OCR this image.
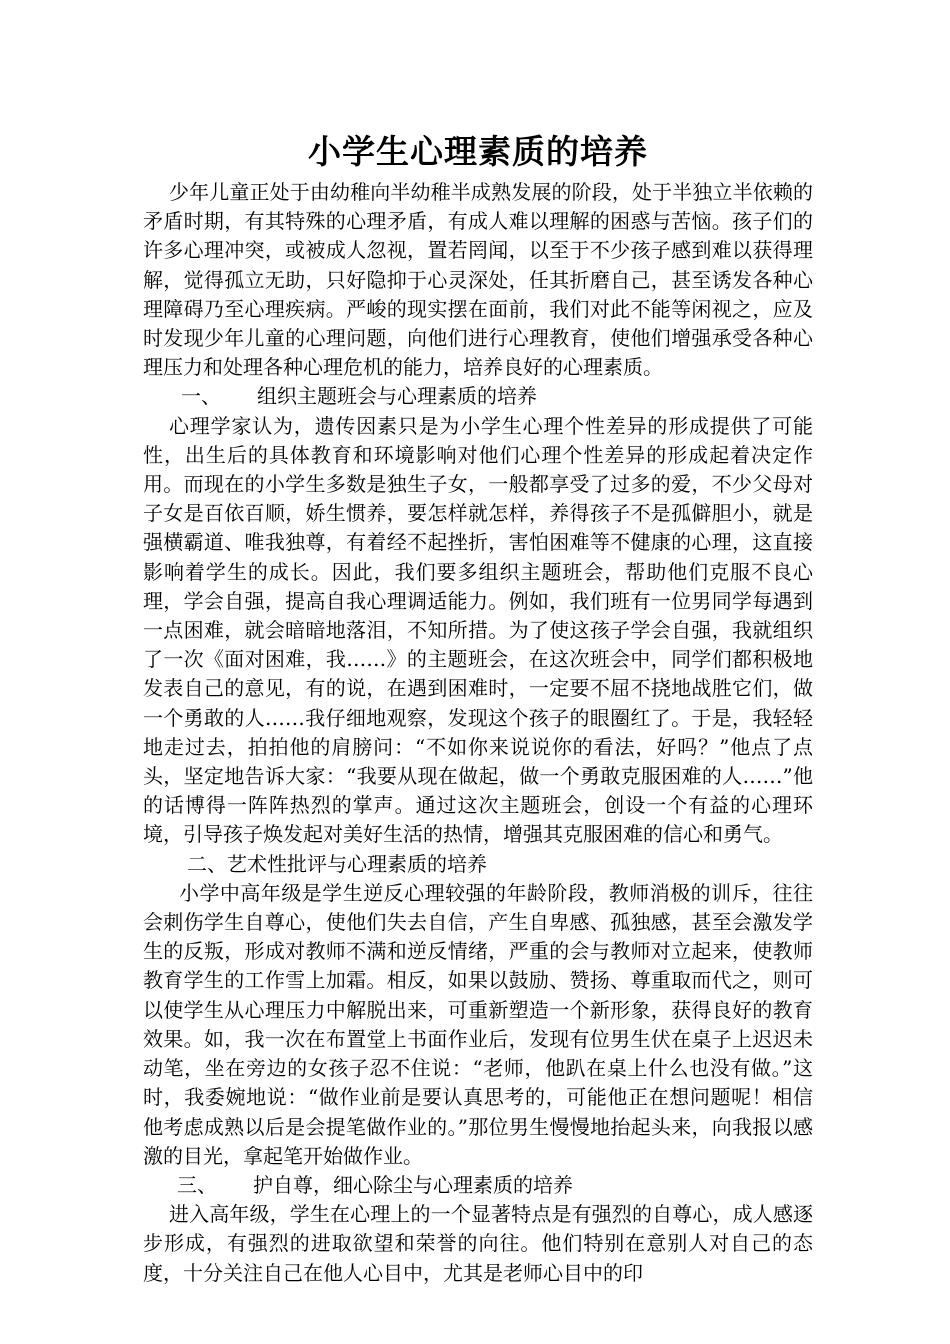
小学生心理素质的培养

少年儿童正处于由幼稚向半幼稚半成熟发展的阶段，处于半独立半依赖的矛盾时期，有其特殊的心理矛盾，有成人难以理解的困惑与苦恼。孩子们的许多心理冲突，或被成人忽视，置若罔闻，以至于不少孩子感到难以获得理解，觉得孤立无助，只好隐抑于心灵深处，任其折磨自己，甚至诱发各种心理障碍乃至心理疾病。严峻的现实摆在面前，我们对此不能等闲视之，应及时发现少年儿童的心理问题，向他们进行心理教育，使他们增强承受各种心理压力和处理各种心理危机的能力，培养良好的心理素质。

一、 组织主题班会与心理素质的培养

心理学家认为，遗传因素只是为小学生心理个性差异的形成提供了可能性，出生后的具体教育和环境影响对他们心理个性差异的形成起着决定作用。而现在的小学生多数是独生子女，一般都享受了过多的爱，不少父母对子女是百依百顺，娇生惯养，要怎样就怎样，养得孩子不是孤僻胆小，就是强横霸道、唯我独尊，有着经不起挫折，害怕困难等不健康的心理，这直接影响着学生的成长。因此，我们要多组织主题班会，帮助他们克服不良心理，学会自强，提高自我心理调适能力。例如，我们班有一位男同学每遇到一点困难，就会暗暗地落泪，不知所措。为了使这孩子学会自强，我就组织了一次《面对困难，我……》的主题班会，在这次班会中，同学们都积极地发表自己的意见，有的说，在遇到困难时，一定要不屈不挠地战胜它们，做一个勇敢的人……我仔细地观察，发现这个孩子的眼圈红了。于是，我轻轻地走过去，拍拍他的肩膀问：“不如你来说说你的看法，好吗？”他点了点头，坚定地告诉大家：“我要从现在做起，做一个勇敢克服困难的人……”他的话博得一阵阵热烈的掌声。通过这次主题班会，创设一个有益的心理环境，引导孩子焕发起对美好生活的热情，增强其克服困难的信心和勇气。

二、艺术性批评与心理素质的培养

小学中高年级是学生逆反心理较强的年龄阶段，教师消极的训斥，往往会刺伤学生自尊心，使他们失去自信，产生自卑感、孤独感，甚至会激发学生的反叛，形成对教师不满和逆反情绪，严重的会与教师对立起来，使教师教育学生的工作雪上加霜。相反，如果以鼓励、赞扬、尊重取而代之，则可以使学生从心理压力中解脱出来，可重新塑造一个新形象，获得良好的教育效果。如，我一次在布置堂上书面作业后，发现有位男生伏在桌子上迟迟未动笔，坐在旁边的女孩子忍不住说：“老师，他趴在桌上什么也没有做。”这时，我委婉地说：“做作业前是要认真思考的，可能他正在想问题呢！相信他考虑成熟以后是会提笔做作业的。”那位男生慢慢地抬起头来，向我报以感激的目光，拿起笔开始做作业。

三、 护自尊，细心除尘与心理素质的培养

进入高年级，学生在心理上的一个显著特点是有强烈的自尊心，成人感逐步形成，有强烈的进取欲望和荣誉的向往。他们特别在意别人对自己的态度，十分关注自己在他人心目中，尤其是老师心目中的印
